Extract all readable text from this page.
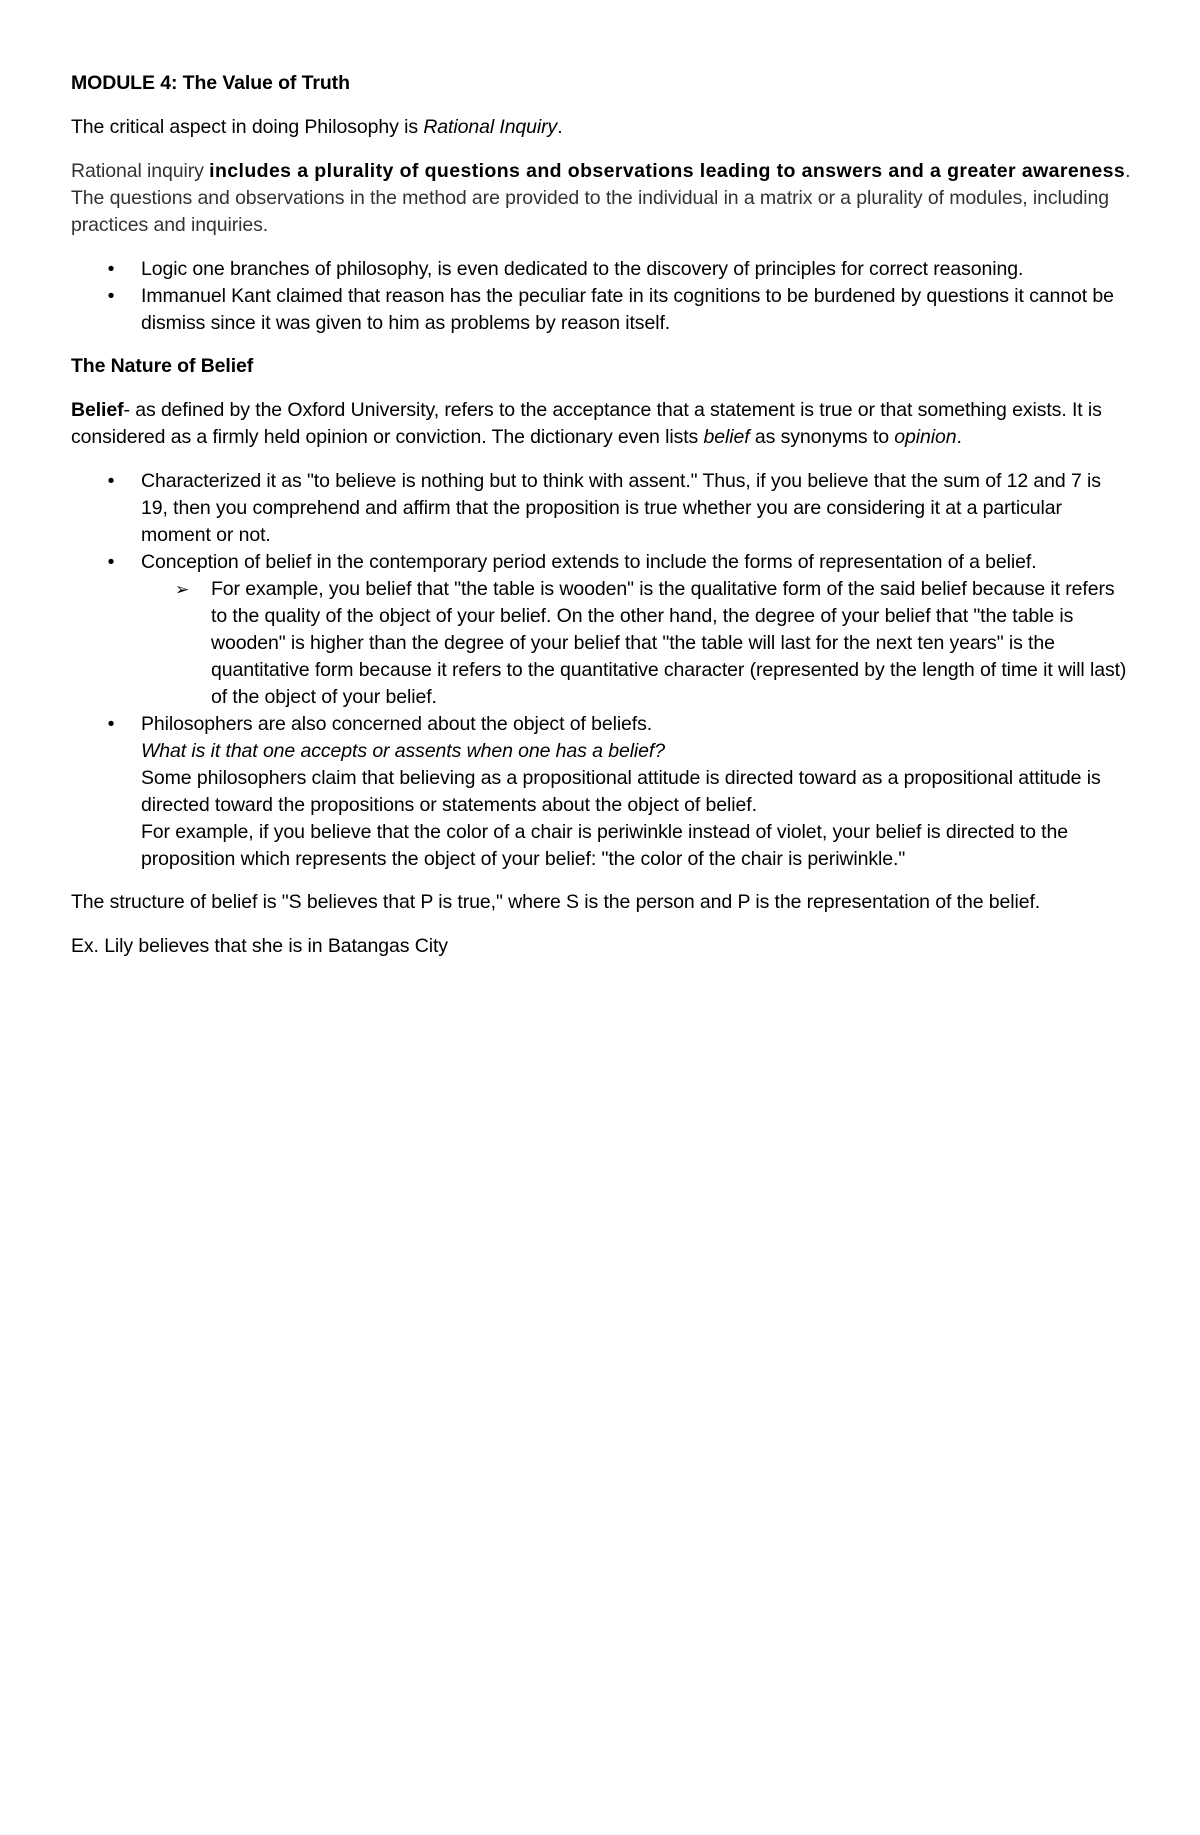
MODULE 4: The Value of Truth

The critical aspect in doing Philosophy is Rational Inquiry.

Rational inquiry includes a plurality of questions and observations leading to answers and a greater awareness. The questions and observations in the method are provided to the individual in a matrix or a plurality of modules, including practices and inquiries.

• Logic one branches of philosophy, is even dedicated to the discovery of principles for correct reasoning.
• Immanuel Kant claimed that reason has the peculiar fate in its cognitions to be burdened by questions it cannot be dismiss since it was given to him as problems by reason itself.
The Nature of Belief

Belief- as defined by the Oxford University, refers to the acceptance that a statement is true or that something exists. It is considered as a firmly held opinion or conviction. The dictionary even lists belief as synonyms to opinion.

• Characterized it as "to believe is nothing but to think with assent." Thus, if you believe that the sum of 12 and 7 is 19, then you comprehend and affirm that the proposition is true whether you are considering it at a particular moment or not.
• Conception of belief in the contemporary period extends to include the forms of representation of a belief.
➢ For example, you belief that "the table is wooden" is the qualitative form of the said belief because it refers to the quality of the object of your belief. On the other hand, the degree of your belief that "the table is wooden" is higher than the degree of your belief that "the table will last for the next ten years" is the quantitative form because it refers to the quantitative character (represented by the length of time it will last) of the object of your belief.
• Philosophers are also concerned about the object of beliefs.
What is it that one accepts or assents when one has a belief?
Some philosophers claim that believing as a propositional attitude is directed toward as a propositional attitude is directed toward the propositions or statements about the object of belief.
For example, if you believe that the color of a chair is periwinkle instead of violet, your belief is directed to the proposition which represents the object of your belief: "the color of the chair is periwinkle."

The structure of belief is "S believes that P is true," where S is the person and P is the representation of the belief.

Ex. Lily believes that she is in Batangas City
